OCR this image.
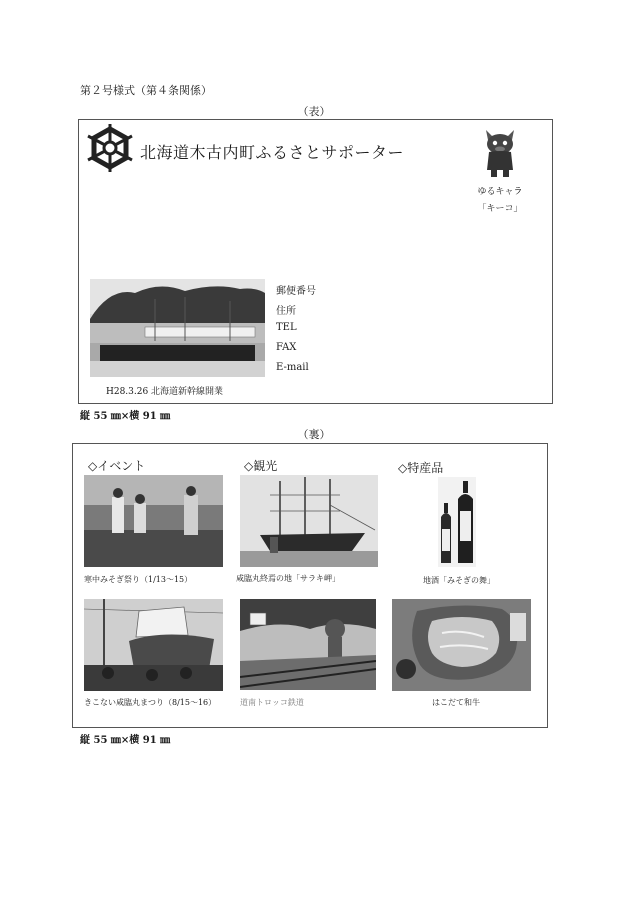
第２号様式（第４条関係）
（表）
北海道木古内町ふるさとサポーター
ゆるキャラ
「キーコ」
H28.3.26 北海道新幹線開業
郵便番号
住所
TEL
FAX
E-mail
縦 55 ㎜×横 91 ㎜
（裏）
◇イベント	◇観光	◇特産品
寒中みそぎ祭り（1/13〜15）	咸臨丸終焉の地「サラキ岬」	地酒「みそぎの舞」
きこない咸臨丸まつり（8/15〜16）	道南トロッコ鉄道	はこだて和牛
縦 55 ㎜×横 91 ㎜
